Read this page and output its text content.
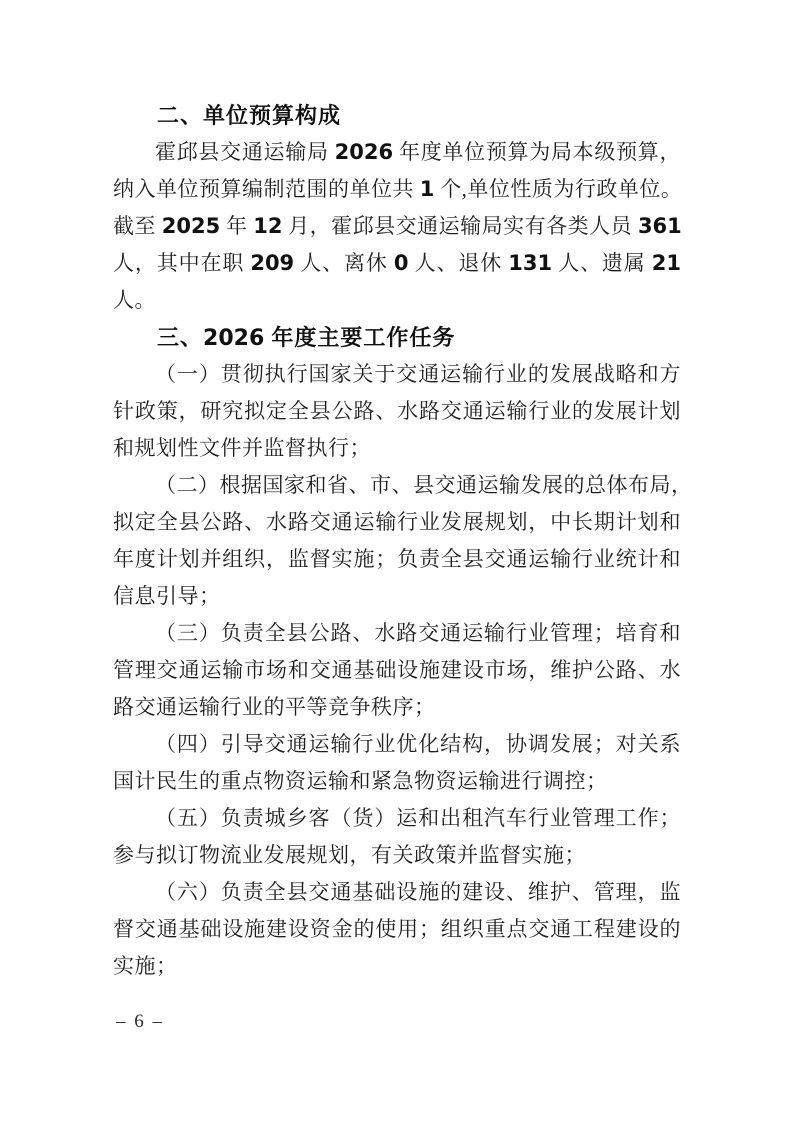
二、单位预算构成
霍邱县交通运输局 2026 年度单位预算为局本级预算，
纳入单位预算编制范围的单位共 1 个,单位性质为行政单位。
截至 2025 年 12 月，霍邱县交通运输局实有各类人员 361
人，其中在职 209 人、离休 0 人、退休 131 人、遗属 21
人。
三、2026 年度主要工作任务
（一）贯彻执行国家关于交通运输行业的发展战略和方
针政策，研究拟定全县公路、水路交通运输行业的发展计划
和规划性文件并监督执行；
（二）根据国家和省、市、县交通运输发展的总体布局，
拟定全县公路、水路交通运输行业发展规划，中长期计划和
年度计划并组织，监督实施；负责全县交通运输行业统计和
信息引导；
（三）负责全县公路、水路交通运输行业管理；培育和
管理交通运输市场和交通基础设施建设市场，维护公路、水
路交通运输行业的平等竞争秩序；
（四）引导交通运输行业优化结构，协调发展；对关系
国计民生的重点物资运输和紧急物资运输进行调控；
（五）负责城乡客（货）运和出租汽车行业管理工作；
参与拟订物流业发展规划，有关政策并监督实施；
（六）负责全县交通基础设施的建设、维护、管理，监
督交通基础设施建设资金的使用；组织重点交通工程建设的
实施；
– 6 –
